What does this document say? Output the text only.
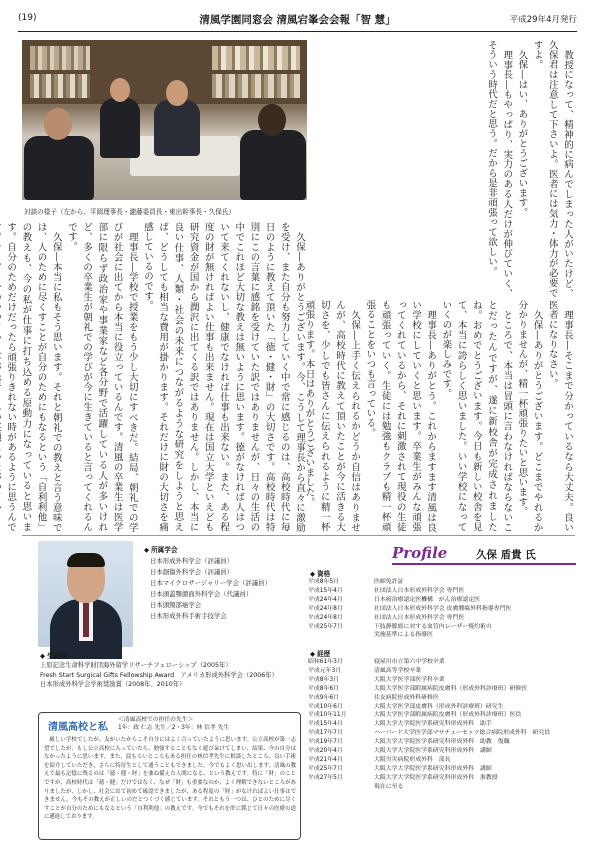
(19)	清風学園同窓会 清風宕峯会会報「智 慧」	平成29年4月発行
対談の様子（左から、平岡理事長・瀧藤委員長・東出幹事長・久保氏）	教授になって、精神的に病んでしまった人がいたけど、久保君は注意して下さいよ。医者には気力・体力が必要ですよ。

久保―はい、ありがとうございます。

理事長―もやっぱり、実力のある人だけが伸びていく、そういう時代だと思う。だから是非頑張って欲しい。

久保―ありがとうございます。今、こうして理事長から直々に激励を受け、また自分も努力していく中で常に感じるのは、高校時代に毎日のように教えて頂いた「徳・健・財」の大切さです。高校時代は特別にこの言葉に感銘を受けていた訳ではありませんが、日々の生活の中でこれほど大切な教えは無いように思います。徳がなければ人はついて来てくれないし、健康でなければ仕事も出来ない。また、ある程度の財が無ければよい仕事も出来ません。現在は国立大学といえども研究資金が国から潤沢に出てくる訳ではありません。しかし、本当に良い仕事、人類・社会の未来につながるような研究をしようと思えば、どうしても相当な費用が掛かります。それだけに財の大切さを痛感しているのです。

理事長―学校で授業をもう少し大切にすべきだ。結局、朝礼での学びが社会に出てから本当に役立っているんです。清風の卒業生は医学部に限らず政治家や事業家など各分野で活躍している人が多いけれど、多くの卒業生が朝礼での学びが今に生きていると言ってくれるんです。

久保―本当に私もそう思います。それと朝礼での教えと言う意味では、人のために尽くすことが自分のためにもなるという「自利利他」の教えも、今の私が仕事に打ち込める原動力になっていると思います。自分のためだけだったら頑張りきれない時があるように思うんで	理事長―そこまで分かっているなら大丈夫。良い医者になりなさい。

久保―ありがとうございます。どこまでやれるか分かりませんが、精一杯頑張りたいと思います。

ところで、本当は冒頭に言わなければならないことだったんですが、遂に新校舎が完成されましたね。おめでとうございます。今日も新しい校舎を見て、本当に誇らしく思いました。いい学校になっていくのが楽しみです。

理事長―ありがとう。これからますます清風は良い学校にしていくと思います。卒業生がみんな頑張ってくれているから、それに刺激されて現役の生徒も頑張っていく。生徒には勉強もクラブも精一杯頑張ることをいつも言っている。

久保―上手く伝えられるかどうか自信はありませんが、高校時代に教えて頂いたことが今に活きる大切さを、少しでも皆さんに伝えられるように精一杯頑張ります。本日はありがとうございました。

◆ 所属学会
日本形成外科学会（評議員）
日本創傷外科学会（評議員）
日本マイクロサージャリー学会（評議員）
日本頭蓋顎顔面外科学会（代議員）
日本頭頸部癌学会
日本形成外科手術手技学会
◆ 受賞歴
上原記念生命科学財団海外留学リサーチフェローシップ（2005年）
Fresh Start Surgical Gifts Fellowship Award　アメリカ形成外科学会（2006年）
日本形成外科学会学術奨励賞（2008年、2010年）
Profile	久保 盾貴 氏
◆ 資格
平成8年5月	医師免許証
平成15年4月	社団法人日本形成外科学会 専門医
平成24年4月	日本癌治療認定医機構　がん治療認定医
平成24年8月	社団法人日本形成外科学会 皮膚腫瘍外科指導専門医
平成24年8月	社団法人日本形成外科学会 専門医
平成25年7月	下肢静脈瘤に対する血管内レーザー焼灼術の
実施基準による指導医
◆ 経歴
昭和61年3月	寝屋川市立第六中学校卒業
平成元年3月	清風高等学校卒業
平成8年3月	大阪大学医学部医学科卒業
平成8年6月	大阪大学医学部附属病院皮膚科（形成外科診療班）研修医
平成9年6月	住友病院形成外科研修医
平成10年6月	大阪大学医学部皮膚科（形成外科診療班）研究生
平成10年11月	大阪大学医学部附属病院皮膚科（形成外科診療班）医員
平成15年4月	大阪大学大学院医学系研究科形成外科　助手
平成17年7月	ハーバード大学医学部マサチューセッツ総合病院形成外科　研究員
平成19年7月	大阪大学大学院医学系研究科形成外科　助教　復職
平成20年4月	大阪大学大学院医学系研究科形成外科　講師
平成21年4月	大阪労災病院形成外科　部長
平成25年7月	大阪大学大学院医学系研究科形成外科　講師
平成27年5月	大阪大学大学院医学系研究科形成外科　准教授
現在に至る
清風高校と私
＜清風高校での担任の先生＞
1年：政 仁志 先生／2・3年：林 信孝 先生
厳しい学校でしたが、友がいたからこそ自分にはよく合っていたように思います。公立高校が第一志望でしたが、もし公立高校に入っていたら、勉強することもなく遊び呆けてしまい、結果、今の自分はなかったように思います。また、涙もろいところもある担任の林信孝先生に相談したところ、良い手術を紹介していただき、さらに特待生として通うこともできました。今でもよく思い出します。清風の教えで最も記憶に残るのは「徳・健・財」を兼ね備えた人間になる、という教えです。特に「財」のことですが、高校時代は「徳・健」だけではなく、なぜ「財」も重要なのか、よく理解できないところがありましたが、しかし、社会に出て初めて確認できましたが、ある程度の「財」がなければよい仕事はできません。今もその教えが正しいのだとつくづく感じています。それともう一つは、ひとのために尽くすことが自分のためにもなるという「自利利他」の教えです。今でもそれを肝に銘じて日々の医療の道に邁進しております。
